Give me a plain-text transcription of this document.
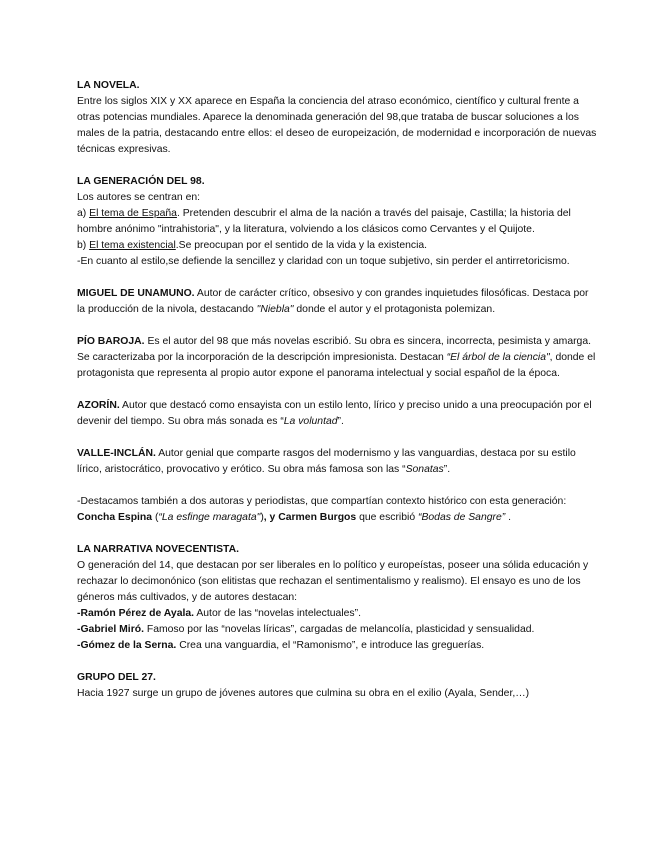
LA NOVELA.

Entre los siglos XIX y XX aparece en España la conciencia del atraso económico, científico y cultural frente a otras potencias mundiales. Aparece la denominada generación del 98,que trataba de buscar soluciones a los males de la patria, destacando entre ellos: el deseo de europeización, de modernidad e incorporación de nuevas técnicas expresivas.

LA GENERACIÓN DEL 98.

Los autores se centran en:

a) El tema de España. Pretenden descubrir el alma de la nación a través del paisaje, Castilla; la historia del hombre anónimo "intrahistoria", y la literatura, volviendo a los clásicos como Cervantes y el Quijote.

b) El tema existencial.Se preocupan por el sentido de la vida y la existencia.

-En cuanto al estilo,se defiende la sencillez y claridad con un toque subjetivo, sin perder el antirretoricismo.

MIGUEL DE UNAMUNO. Autor de carácter crítico, obsesivo y con grandes inquietudes filosóficas. Destaca por la producción de la nivola, destacando "Niebla" donde el autor y el protagonista polemizan.

PÍO BAROJA. Es el autor del 98 que más novelas escribió. Su obra es sincera, incorrecta, pesimista y amarga. Se caracterizaba por la incorporación de la descripción impresionista. Destacan “El árbol de la ciencia", donde el protagonista que representa al propio autor expone el panorama intelectual y social español de la época.

AZORÍN. Autor que destacó como ensayista con un estilo lento, lírico y preciso unido a una preocupación por el devenir del tiempo. Su obra más sonada es “La voluntad”.

VALLE-INCLÁN. Autor genial que comparte rasgos del modernismo y las vanguardias, destaca por su estilo lírico, aristocrático, provocativo y erótico. Su obra más famosa son las “Sonatas”.

-Destacamos también a dos autoras y periodistas, que compartían contexto histórico con esta generación:

Concha Espina (“La esfinge maragata"), y Carmen Burgos que escribió “Bodas de Sangre” .

LA NARRATIVA NOVECENTISTA.

O generación del 14, que destacan por ser liberales en lo político y europeístas, poseer una sólida educación y rechazar lo decimonónico (son elitistas que rechazan el sentimentalismo y realismo). El ensayo es uno de los géneros más cultivados, y de autores destacan:

-Ramón Pérez de Ayala. Autor de las “novelas intelectuales”.

-Gabriel Miró. Famoso por las “novelas líricas”, cargadas de melancolía, plasticidad y sensualidad.

-Gómez de la Serna. Crea una vanguardia, el “Ramonismo”, e introduce las greguerías.

GRUPO DEL 27.

Hacia 1927 surge un grupo de jóvenes autores que culmina su obra en el exilio (Ayala, Sender,…)
